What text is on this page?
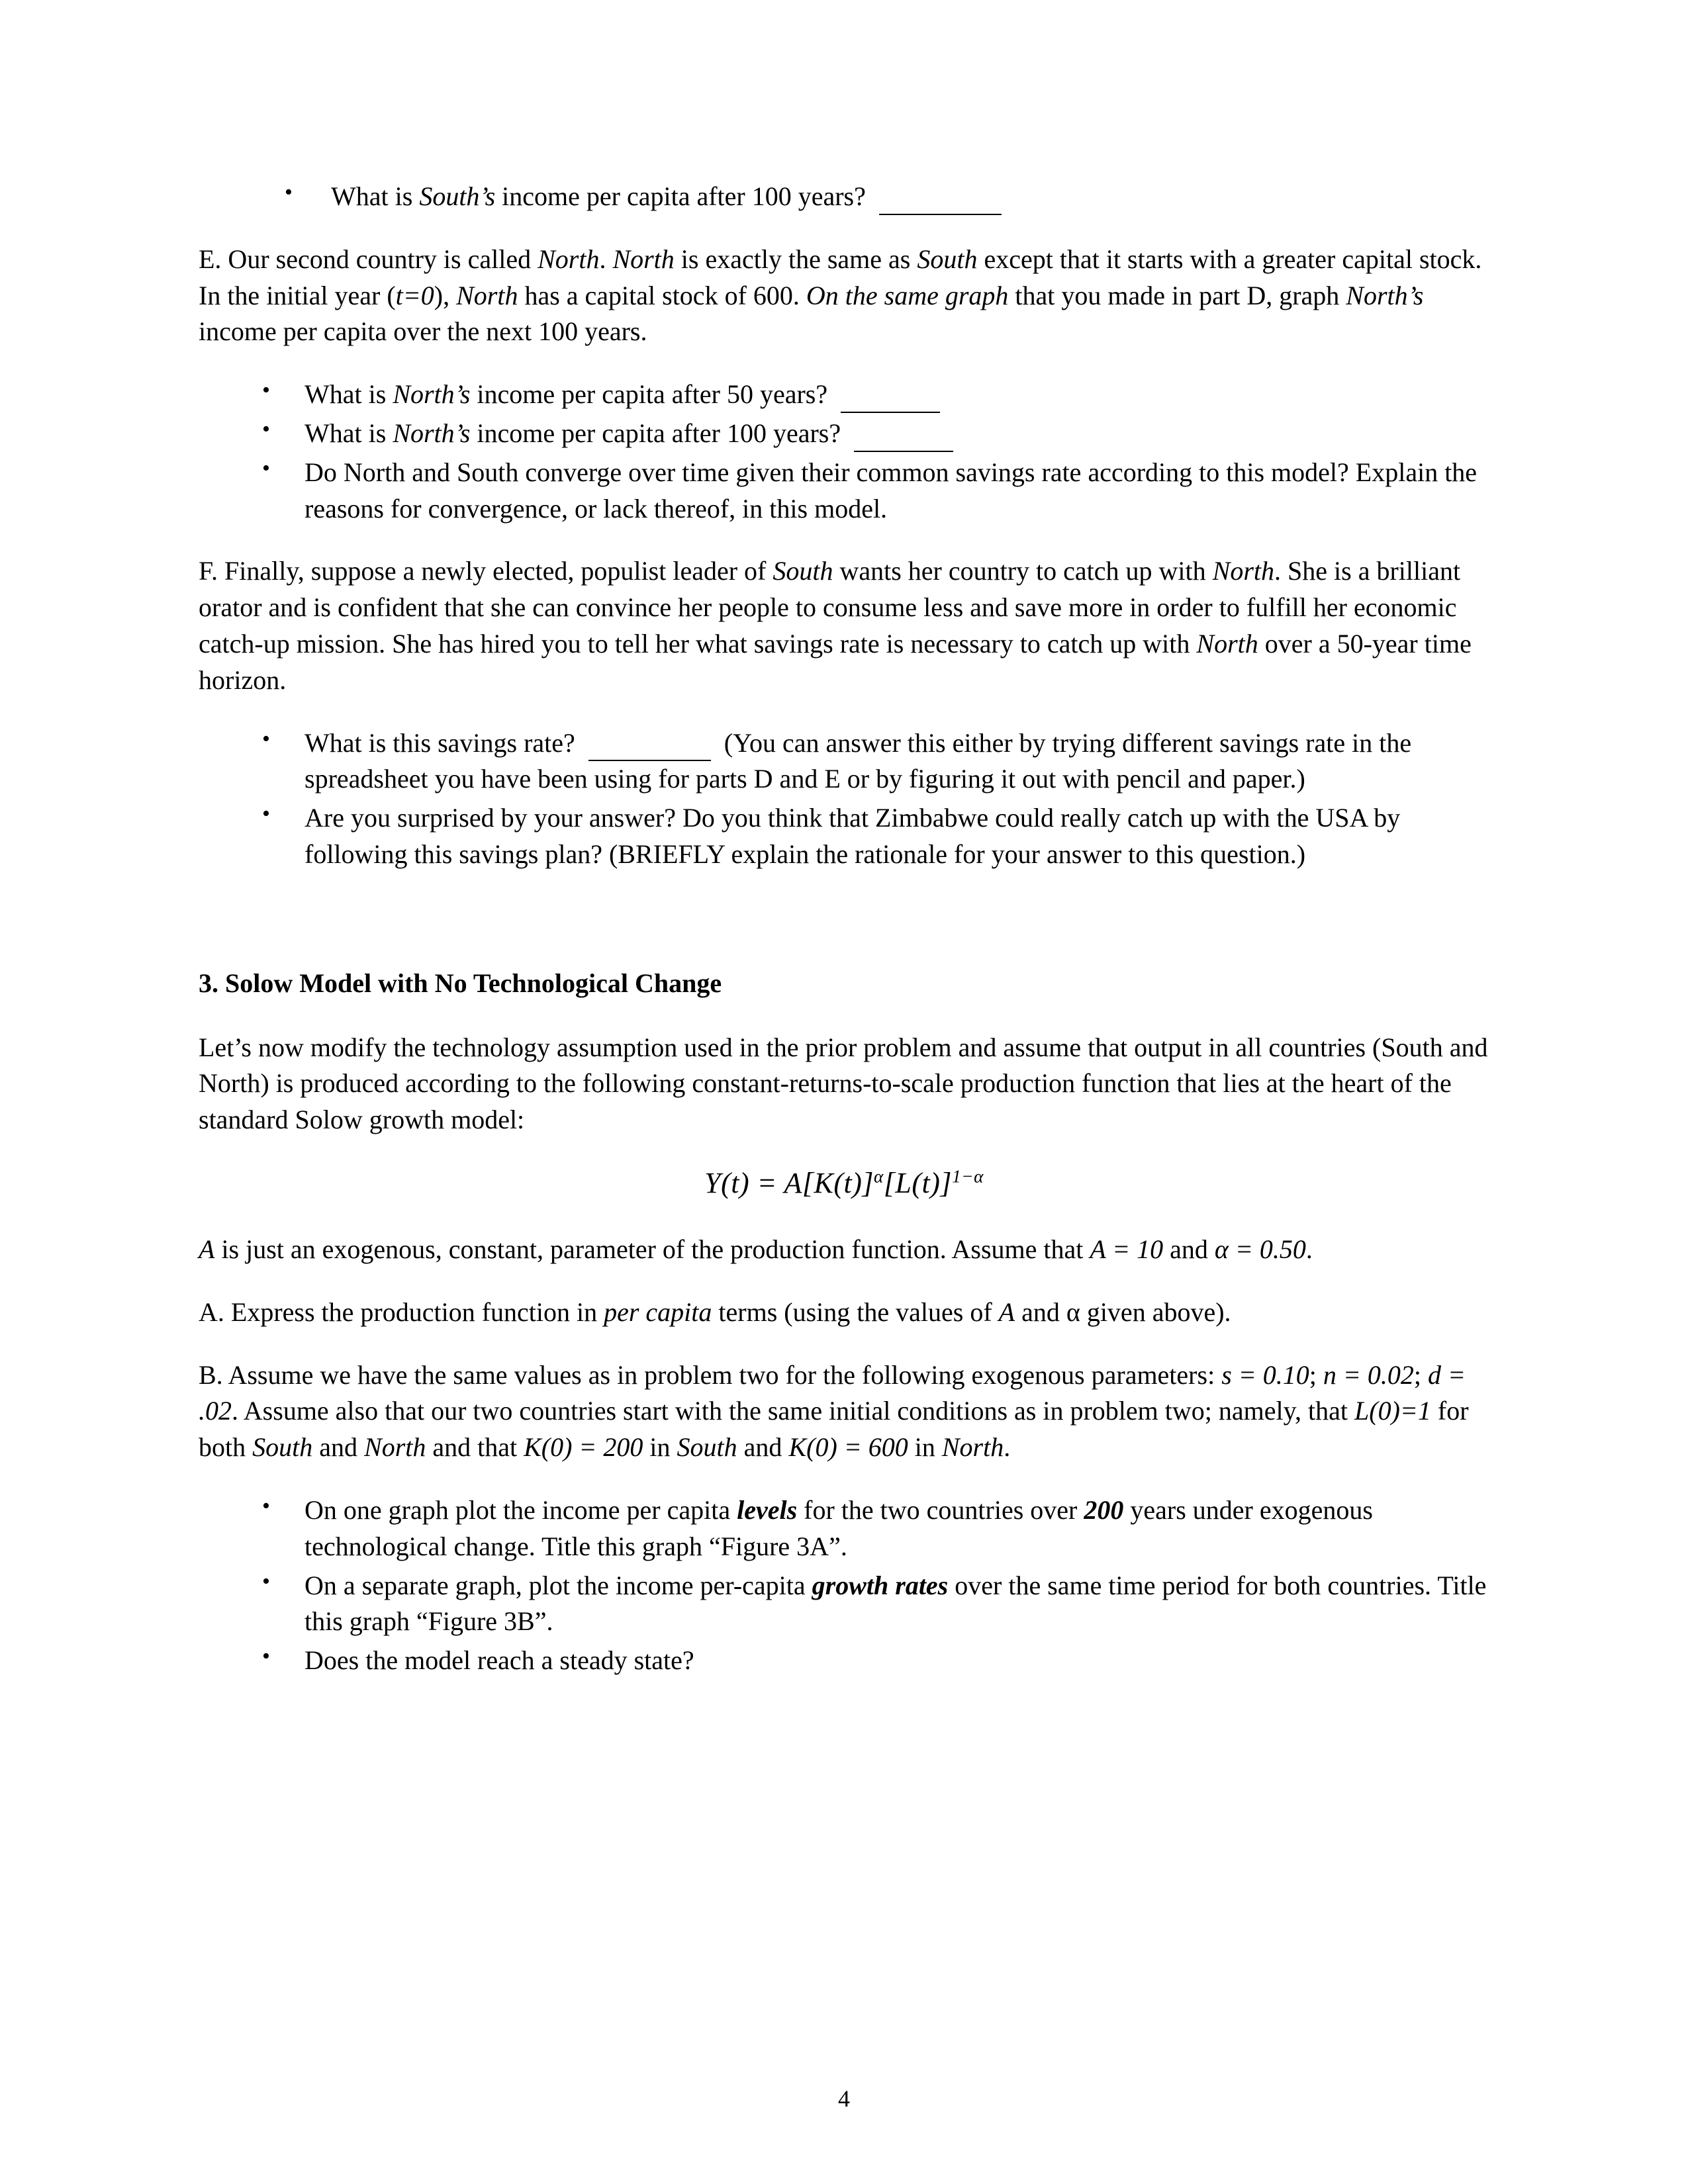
• What is South’s income per capita after 100 years?

E. Our second country is called North. North is exactly the same as South except that it starts with a greater capital stock. In the initial year (t=0), North has a capital stock of 600. On the same graph that you made in part D, graph North’s income per capita over the next 100 years.

• What is North’s income per capita after 50 years?
• What is North’s income per capita after 100 years?
• Do North and South converge over time given their common savings rate according to this model? Explain the reasons for convergence, or lack thereof, in this model.

F. Finally, suppose a newly elected, populist leader of South wants her country to catch up with North. She is a brilliant orator and is confident that she can convince her people to consume less and save more in order to fulfill her economic catch-up mission. She has hired you to tell her what savings rate is necessary to catch up with North over a 50-year time horizon.

• What is this savings rate?	(You can answer this either by trying different savings rate in the spreadsheet you have been using for parts D and E or by figuring it out with pencil and paper.)
• Are you surprised by your answer? Do you think that Zimbabwe could really catch up with the USA by following this savings plan? (BRIEFLY explain the rationale for your answer to this question.)
3. Solow Model with No Technological Change

Let’s now modify the technology assumption used in the prior problem and assume that output in all countries (South and North) is produced according to the following constant-returns-to-scale production function that lies at the heart of the standard Solow growth model:

$Y(t) = A[K(t)]^\alpha[L(t)]^{1-\alpha}$

A is just an exogenous, constant, parameter of the production function. Assume that A = 10 and α = 0.50.

A. Express the production function in per capita terms (using the values of A and α given above).

B. Assume we have the same values as in problem two for the following exogenous parameters: s = 0.10; n = 0.02; d = .02. Assume also that our two countries start with the same initial conditions as in problem two; namely, that L(0)=1 for both South and North and that K(0) = 200 in South and K(0) = 600 in North.

• On one graph plot the income per capita levels for the two countries over 200 years under exogenous technological change. Title this graph “Figure 3A”.
• On a separate graph, plot the income per-capita growth rates over the same time period for both countries. Title this graph “Figure 3B”.
• Does the model reach a steady state?
4
